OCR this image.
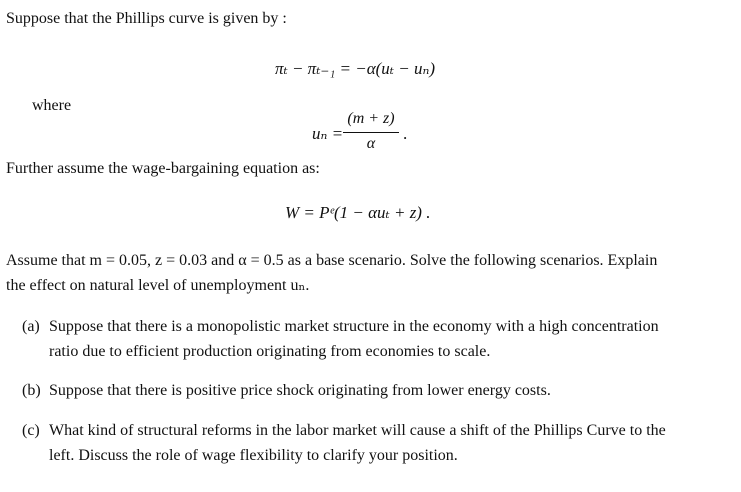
Suppose that the Phillips curve is given by :
πₜ − πₜ₋₁ = −α(uₜ − uₙ)
where
uₙ =
(m + z)
α
.
Further assume the wage-bargaining equation as:
W = Pᵉ(1 − αuₜ + z) .
Assume that m = 0.05, z = 0.03 and α = 0.5 as a base scenario. Solve the following scenarios. Explain
the effect on natural level of unemployment uₙ.
(a) Suppose that there is a monopolistic market structure in the economy with a high concentration
ratio due to efficient production originating from economies to scale.
(b) Suppose that there is positive price shock originating from lower energy costs.
(c) What kind of structural reforms in the labor market will cause a shift of the Phillips Curve to the
left. Discuss the role of wage flexibility to clarify your position.
